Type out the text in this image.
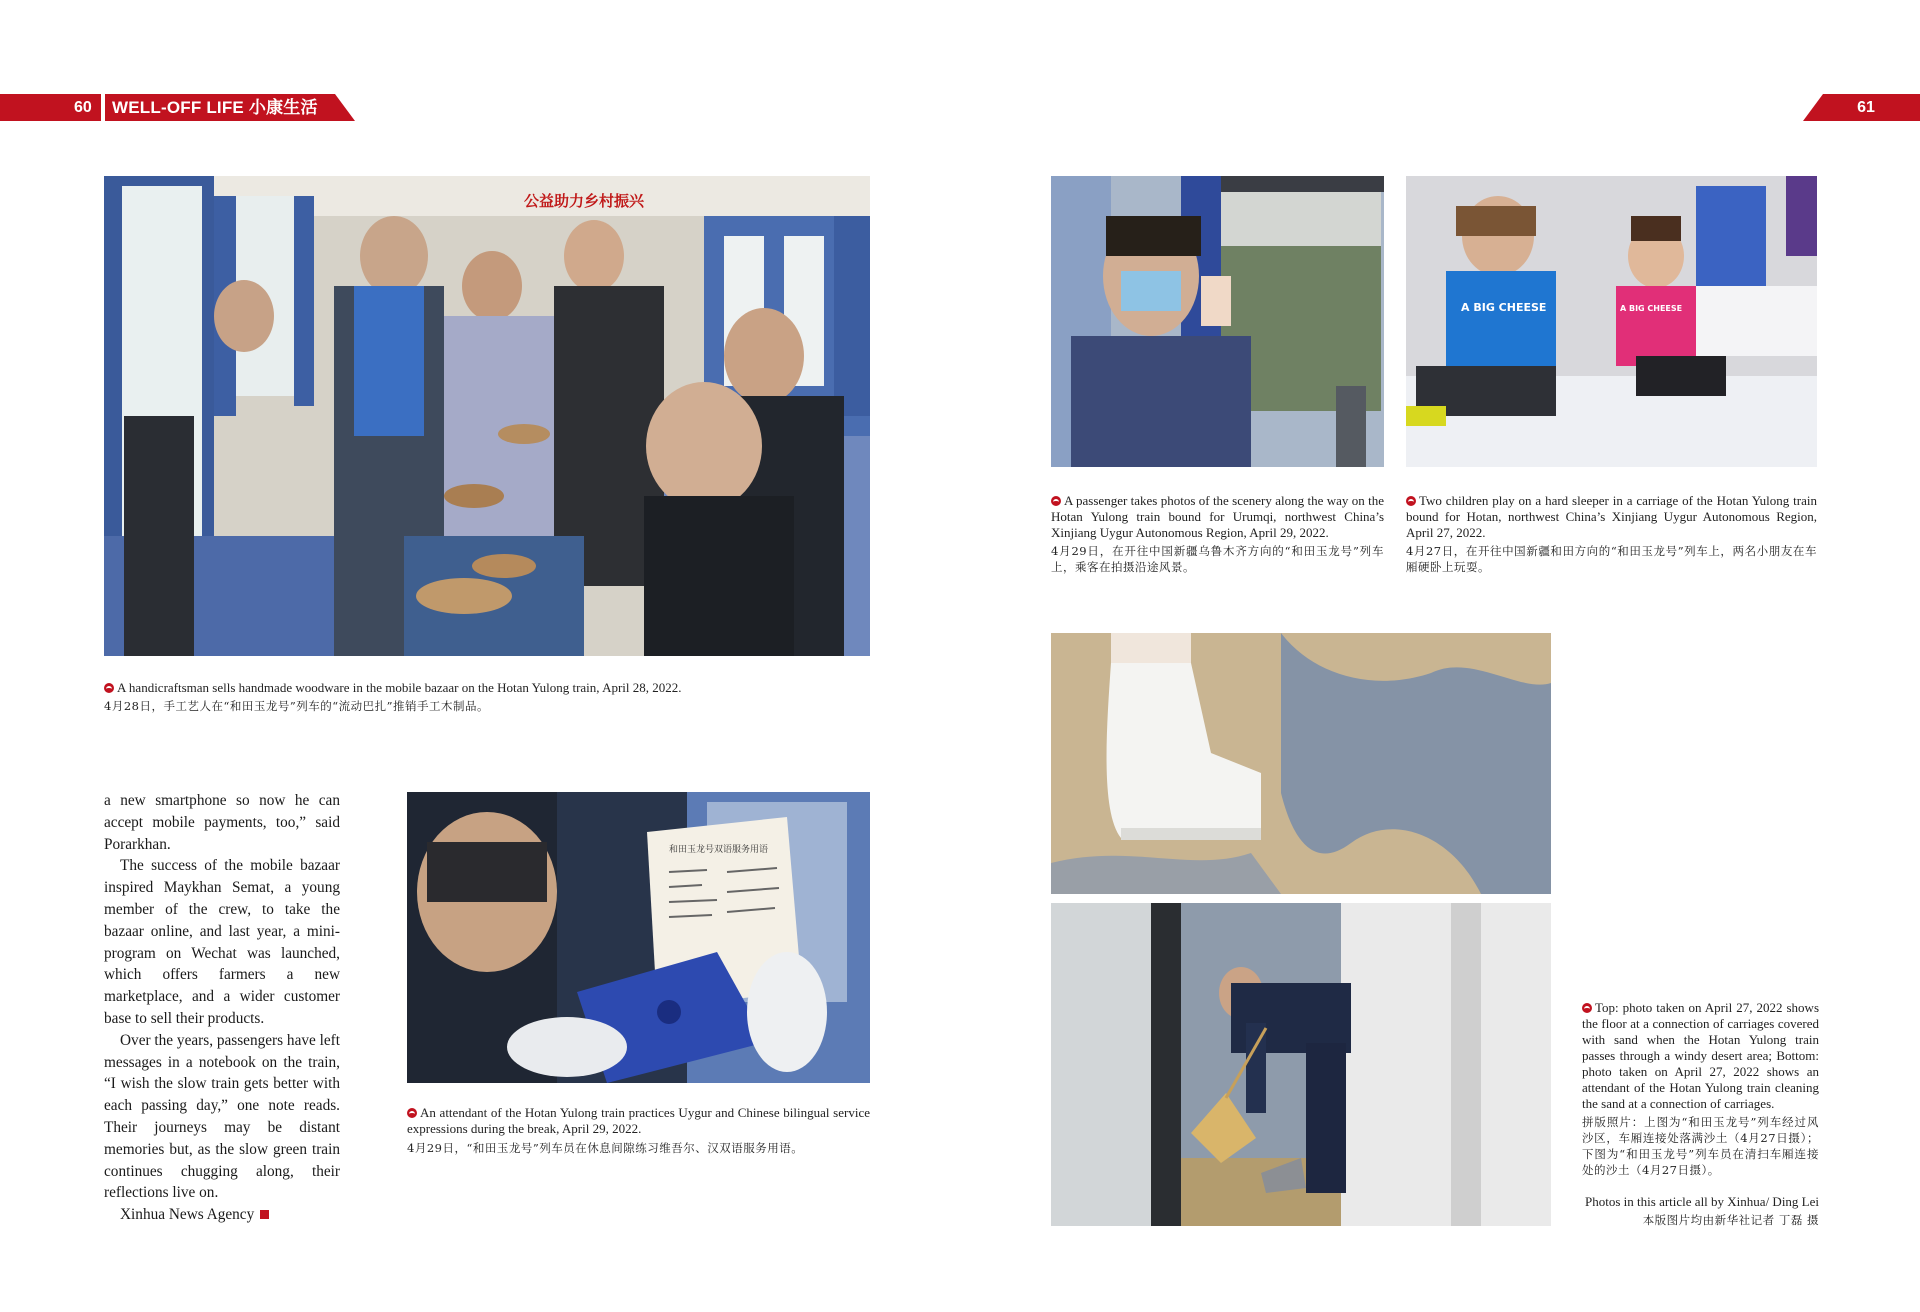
60 WELL-OFF LIFE 小康生活	61
公益助力乡村振兴
A handicraftsman sells handmade woodware in the mobile bazaar on the Hotan Yulong train, April 28, 2022.
4月28日，手工艺人在“和田玉龙号”列车的“流动巴扎”推销手工木制品。

a new smartphone so now he can accept mobile payments, too,” said Porarkhan.

The success of the mobile bazaar inspired Maykhan Semat, a young member of the crew, to take the bazaar online, and last year, a mini-program on Wechat was launched, which offers farmers a new marketplace, and a wider customer base to sell their products.

Over the years, passengers have left messages in a notebook on the train, “I wish the slow train gets better with each passing day,” one note reads. Their journeys may be distant memories but, as the slow green train continues chugging along, their reflections live on.

Xinhua News Agency

和田玉龙号双语服务用语
An attendant of the Hotan Yulong train practices Uygur and Chinese bilingual service expressions during the break, April 29, 2022.
4月29日，“和田玉龙号”列车员在休息间隙练习维吾尔、汉双语服务用语。
A passenger takes photos of the scenery along the way on the Hotan Yulong train bound for Urumqi, northwest China’s Xinjiang Uygur Autonomous Region, April 29, 2022.
4月29日，在开往中国新疆乌鲁木齐方向的“和田玉龙号”列车上，乘客在拍摄沿途风景。
A BIG CHEESE	A BIG CHEESE
Two children play on a hard sleeper in a carriage of the Hotan Yulong train bound for Hotan, northwest China’s Xinjiang Uygur Autonomous Region, April 27, 2022.
4月27日，在开往中国新疆和田方向的“和田玉龙号”列车上，两名小朋友在车厢硬卧上玩耍。
Top: photo taken on April 27, 2022 shows the floor at a connection of carriages covered with sand when the Hotan Yulong train passes through a windy desert area; Bottom: photo taken on April 27, 2022 shows an attendant of the Hotan Yulong train cleaning the sand at a connection of carriages.
拼版照片：上图为“和田玉龙号”列车经过风沙区，车厢连接处落满沙土（4月27日摄）；下图为“和田玉龙号”列车员在清扫车厢连接处的沙土（4月27日摄）。
Photos in this article all by Xinhua/ Ding Lei
本版图片均由新华社记者 丁磊 摄
